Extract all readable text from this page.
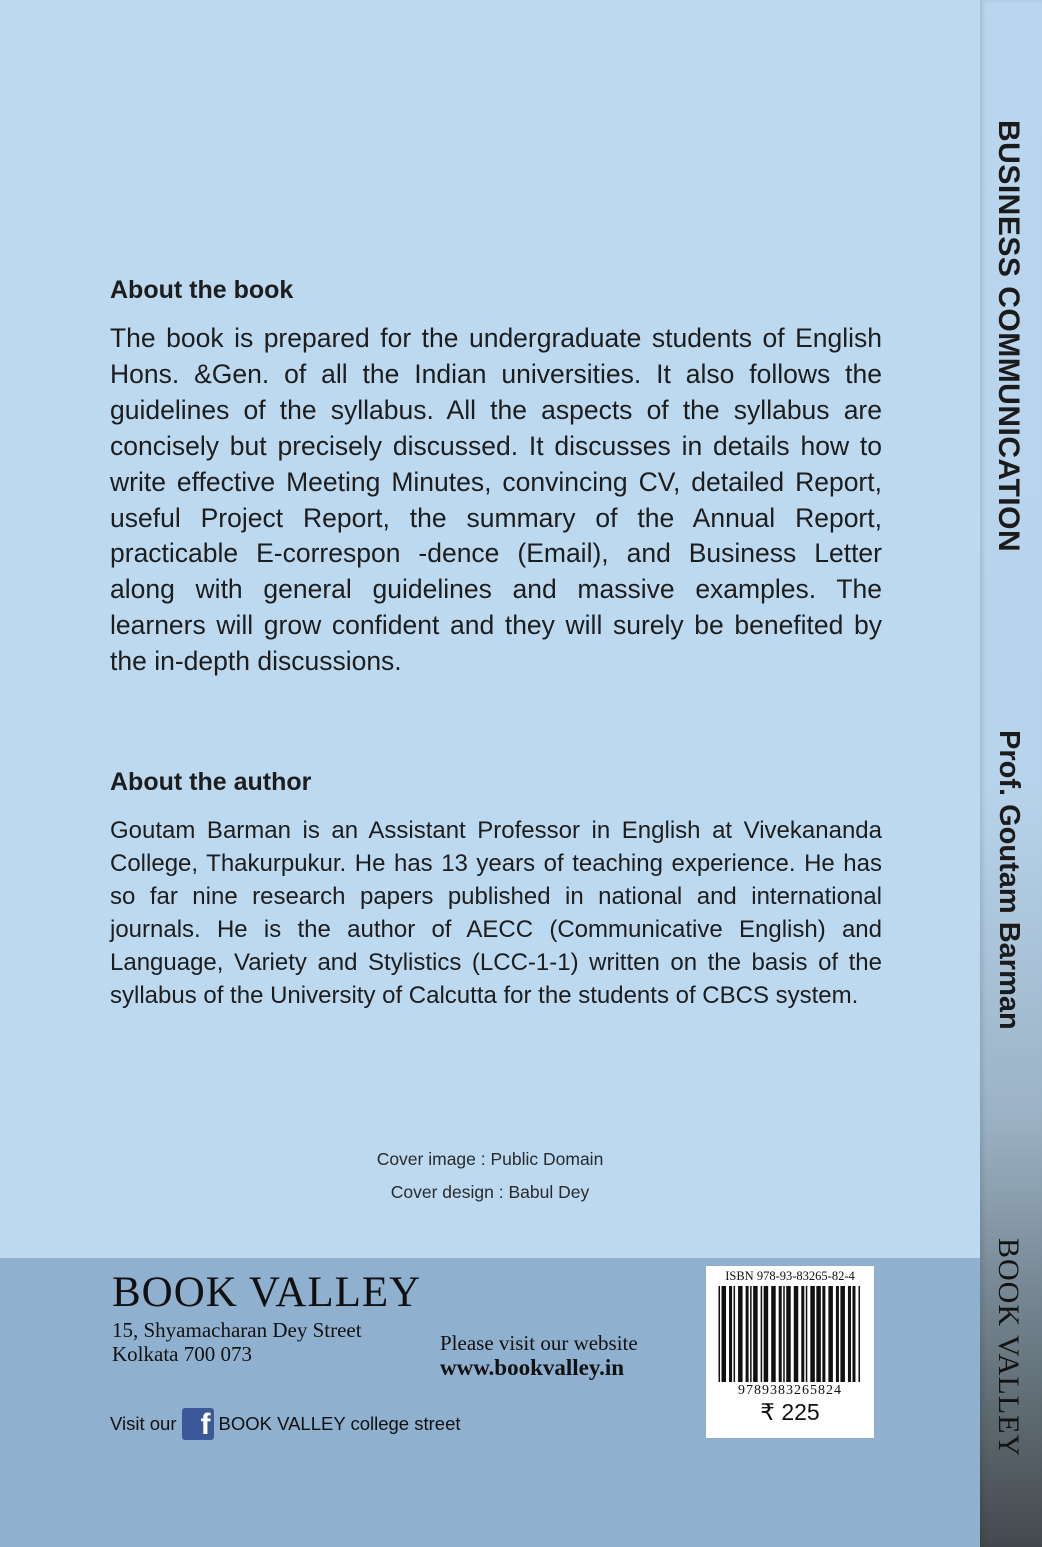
BUSINESS COMMUNICATION
Prof. Goutam Barman
BOOK VALLEY
About the book

The book is prepared for the undergraduate students of English Hons. &Gen. of all the Indian universities. It also follows the guidelines of the syllabus. All the aspects of the syllabus are concisely but precisely discussed. It discusses in details how to write effective Meeting Minutes, convincing CV, detailed Report, useful Project Report, the summary of the Annual Report, practicable E-correspon -dence (Email), and Business Letter along with general guidelines and massive examples. The learners will grow confident and they will surely be benefited by the in-depth discussions.

About the author

Goutam Barman is an Assistant Professor in English at Vivekananda College, Thakurpukur. He has 13 years of teaching experience. He has so far nine research papers published in national and international journals. He is the author of AECC (Communicative English) and Language, Variety and Stylistics (LCC-1-1) written on the basis of the syllabus of the University of Calcutta for the students of CBCS system.

Cover image : Public Domain
Cover design : Babul Dey
BOOK VALLEY
15, Shyamacharan Dey Street
Kolkata 700 073	Please visit our website
www.bookvalley.in
Visit our f BOOK VALLEY college street
ISBN 978-93-83265-82-4
9789383265824
₹ 225
